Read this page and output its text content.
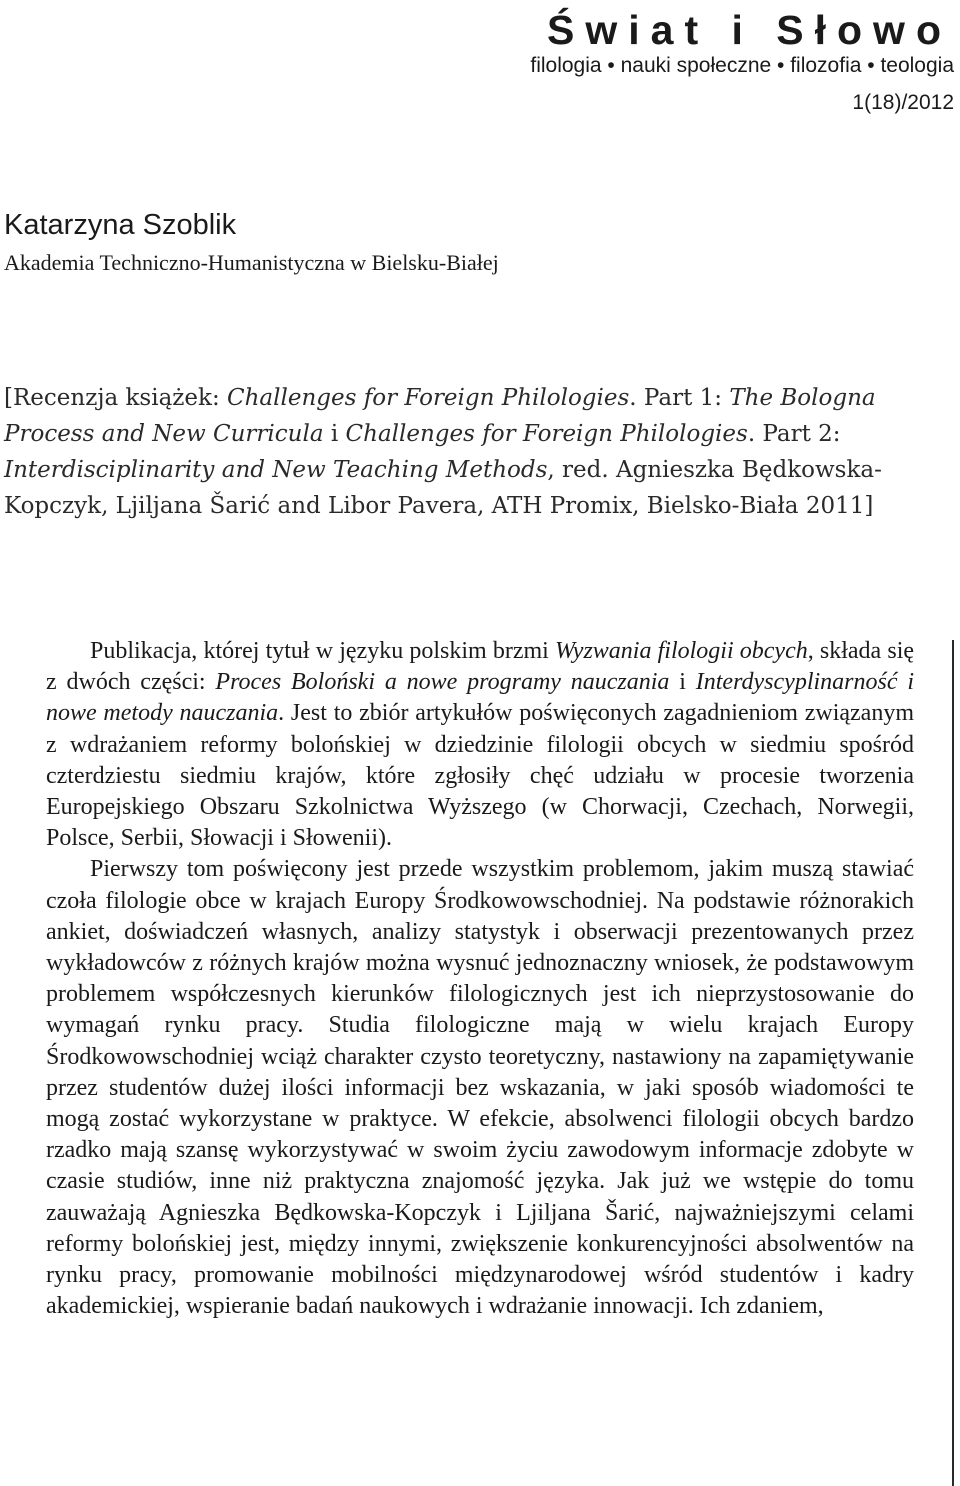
Świat i Słowo
filologia • nauki społeczne • filozofia • teologia
1(18)/2012
Katarzyna Szoblik
Akademia Techniczno-Humanistyczna w Bielsku-Białej
[Recenzja książek: Challenges for Foreign Philologies. Part 1: The Bologna Process and New Curricula i Challenges for Foreign Philologies. Part 2: Interdisciplinarity and New Teaching Methods, red. Agnieszka Będkowska-Kopczyk, Ljiljana Šarić and Libor Pavera, ATH Promix, Bielsko-Biała 2011]

Publikacja, której tytuł w języku polskim brzmi Wyzwania filologii obcych, składa się z dwóch części: Proces Boloński a nowe programy nauczania i Interdyscyplinarność i nowe metody nauczania. Jest to zbiór artykułów poświęconych zagadnieniom związanym z wdrażaniem reformy bolońskiej w dziedzinie filologii obcych w siedmiu spośród czterdziestu siedmiu krajów, które zgłosiły chęć udziału w procesie tworzenia Europejskiego Obszaru Szkolnictwa Wyższego (w Chorwacji, Czechach, Norwegii, Polsce, Serbii, Słowacji i Słowenii).

Pierwszy tom poświęcony jest przede wszystkim problemom, jakim muszą stawiać czoła filologie obce w krajach Europy Środkowowschodniej. Na podstawie różnorakich ankiet, doświadczeń własnych, analizy statystyk i obserwacji prezentowanych przez wykładowców z różnych krajów można wysnuć jednoznaczny wniosek, że podstawowym problemem współczesnych kierunków filologicznych jest ich nieprzystosowanie do wymagań rynku pracy. Studia filologiczne mają w wielu krajach Europy Środkowowschodniej wciąż charakter czysto teoretyczny, nastawiony na zapamiętywanie przez studentów dużej ilości informacji bez wskazania, w jaki sposób wiadomości te mogą zostać wykorzystane w praktyce. W efekcie, absolwenci filologii obcych bardzo rzadko mają szansę wykorzystywać w swoim życiu zawodowym informacje zdobyte w czasie studiów, inne niż praktyczna znajomość języka. Jak już we wstępie do tomu zauważają Agnieszka Będkowska-Kopczyk i Ljiljana Šarić, najważniejszymi celami reformy bolońskiej jest, między innymi, zwiększenie konkurencyjności absolwentów na rynku pracy, promowanie mobilności międzynarodowej wśród studentów i kadry akademickiej, wspieranie badań naukowych i wdrażanie innowacji. Ich zdaniem,
